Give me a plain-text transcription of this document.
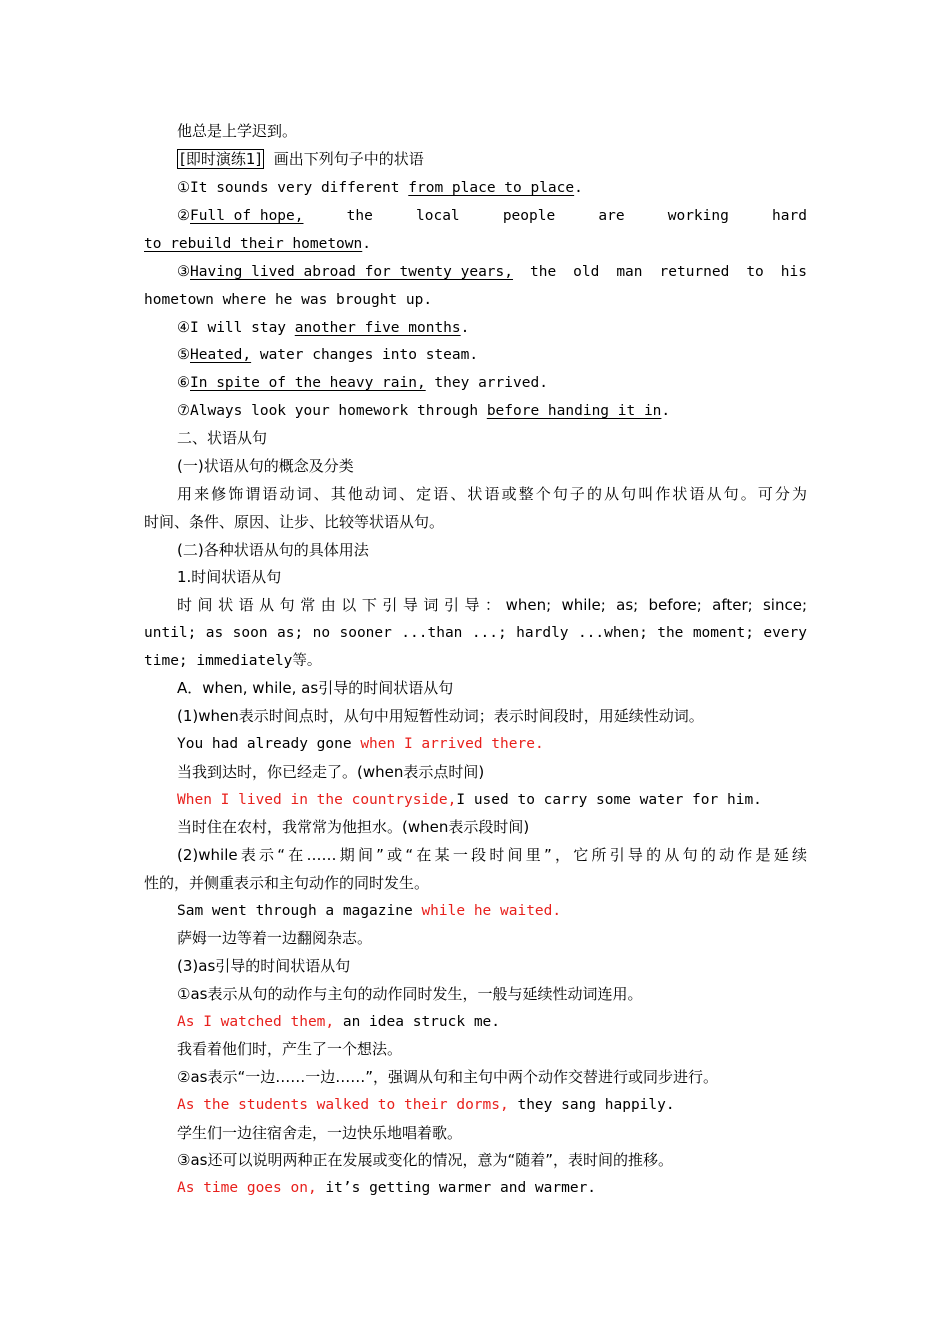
他总是上学迟到。
[即时演练1] 画出下列句子中的状语
①It sounds very different from place to place.
②Full of hope,	the	local	people	are	working	hard
to rebuild their hometown.
③Having lived abroad for twenty years, the old man returned to his
hometown where he was brought up.
④I will stay another five months.
⑤Heated, water changes into steam.
⑥In spite of the heavy rain, they arrived.
⑦Always look your homework through before handing it in.
二、状语从句
(一)状语从句的概念及分类
用来修饰谓语动词、其他动词、定语、状语或整个句子的从句叫作状语从句。可分为
时间、条件、原因、让步、比较等状语从句。
(二)各种状语从句的具体用法
1.时间状语从句
时间状语从句常由以下引导词引导：when; while; as; before; after; since;
until; as soon as; no sooner ...than ...; hardly ...when; the moment; every
time; immediately等。
A．when, while, as引导的时间状语从句
(1)when表示时间点时，从句中用短暂性动词；表示时间段时，用延续性动词。
You had already gone when I arrived there.
当我到达时，你已经走了。(when表示点时间)
When I lived in the countryside,I used to carry some water for him.
当时住在农村，我常常为他担水。(when表示段时间)
(2)while表示“在……期间”或“在某一段时间里”，它所引导的从句的动作是延续
性的，并侧重表示和主句动作的同时发生。
Sam went through a magazine while he waited.
萨姆一边等着一边翻阅杂志。
(3)as引导的时间状语从句
①as表示从句的动作与主句的动作同时发生，一般与延续性动词连用。
As I watched them, an idea struck me.
我看着他们时，产生了一个想法。
②as表示“一边……一边……”，强调从句和主句中两个动作交替进行或同步进行。
As the students walked to their dorms, they sang happily.
学生们一边往宿舍走，一边快乐地唱着歌。
③as还可以说明两种正在发展或变化的情况，意为“随着”，表时间的推移。
As time goes on, it’s getting warmer and warmer.
